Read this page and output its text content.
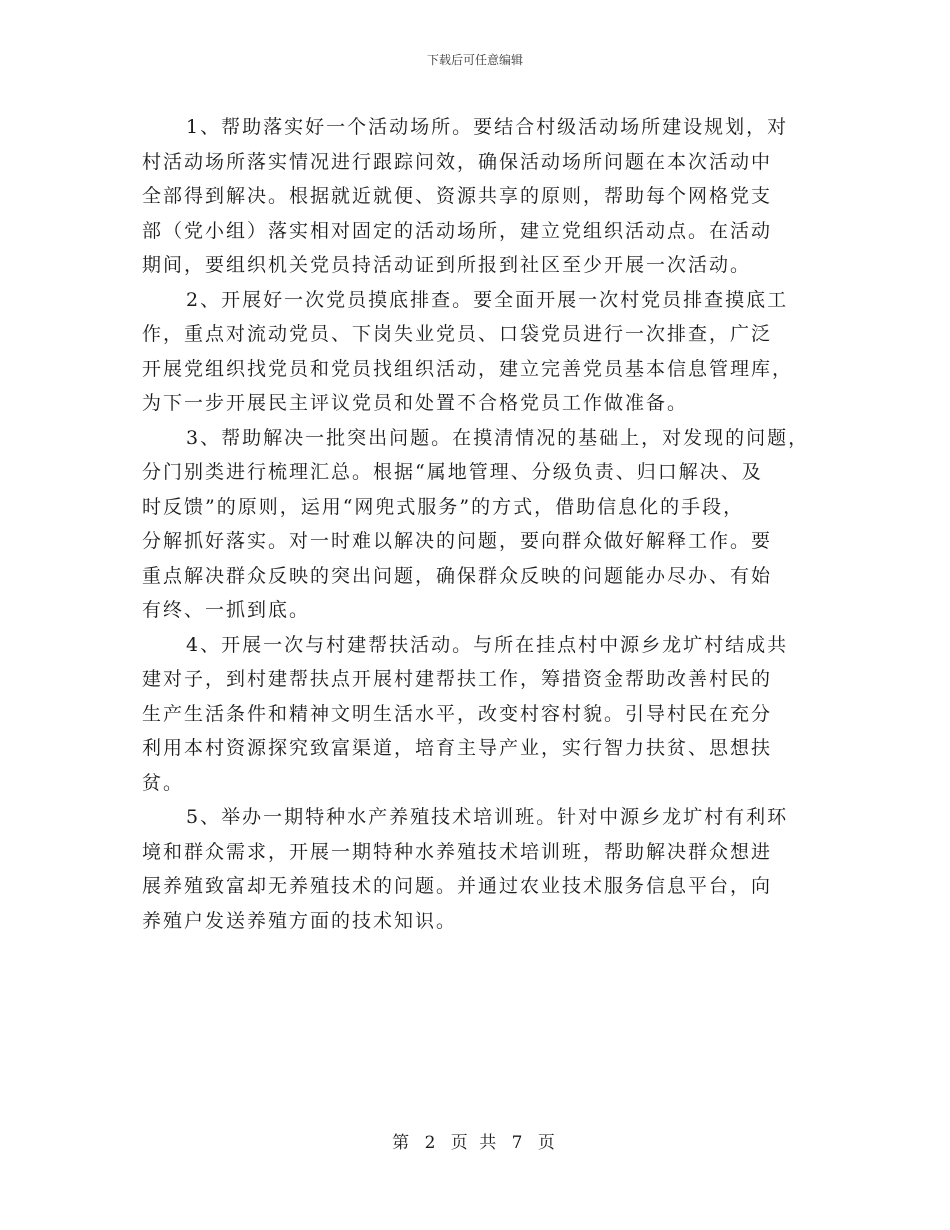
下载后可任意编辑

1、帮助落实好一个活动场所。要结合村级活动场所建设规划，对
村活动场所落实情况进行跟踪问效，确保活动场所问题在本次活动中
全部得到解决。根据就近就便、资源共享的原则，帮助每个网格党支
部（党小组）落实相对固定的活动场所，建立党组织活动点。在活动
期间，要组织机关党员持活动证到所报到社区至少开展一次活动。

2、开展好一次党员摸底排查。要全面开展一次村党员排查摸底工
作，重点对流动党员、下岗失业党员、口袋党员进行一次排查，广泛
开展党组织找党员和党员找组织活动，建立完善党员基本信息管理库，
为下一步开展民主评议党员和处置不合格党员工作做准备。

3、帮助解决一批突出问题。在摸清情况的基础上，对发现的问题，
分门别类进行梳理汇总。根据“属地管理、分级负责、归口解决、及
时反馈”的原则，运用“网兜式服务”的方式，借助信息化的手段，
分解抓好落实。对一时难以解决的问题，要向群众做好解释工作。要
重点解决群众反映的突出问题，确保群众反映的问题能办尽办、有始
有终、一抓到底。

4、开展一次与村建帮扶活动。与所在挂点村中源乡龙圹村结成共
建对子，到村建帮扶点开展村建帮扶工作，筹措资金帮助改善村民的
生产生活条件和精神文明生活水平，改变村容村貌。引导村民在充分
利用本村资源探究致富渠道，培育主导产业，实行智力扶贫、思想扶
贫。

5、举办一期特种水产养殖技术培训班。针对中源乡龙圹村有利环
境和群众需求，开展一期特种水养殖技术培训班，帮助解决群众想进
展养殖致富却无养殖技术的问题。并通过农业技术服务信息平台，向
养殖户发送养殖方面的技术知识。

第 2 页 共 7 页
